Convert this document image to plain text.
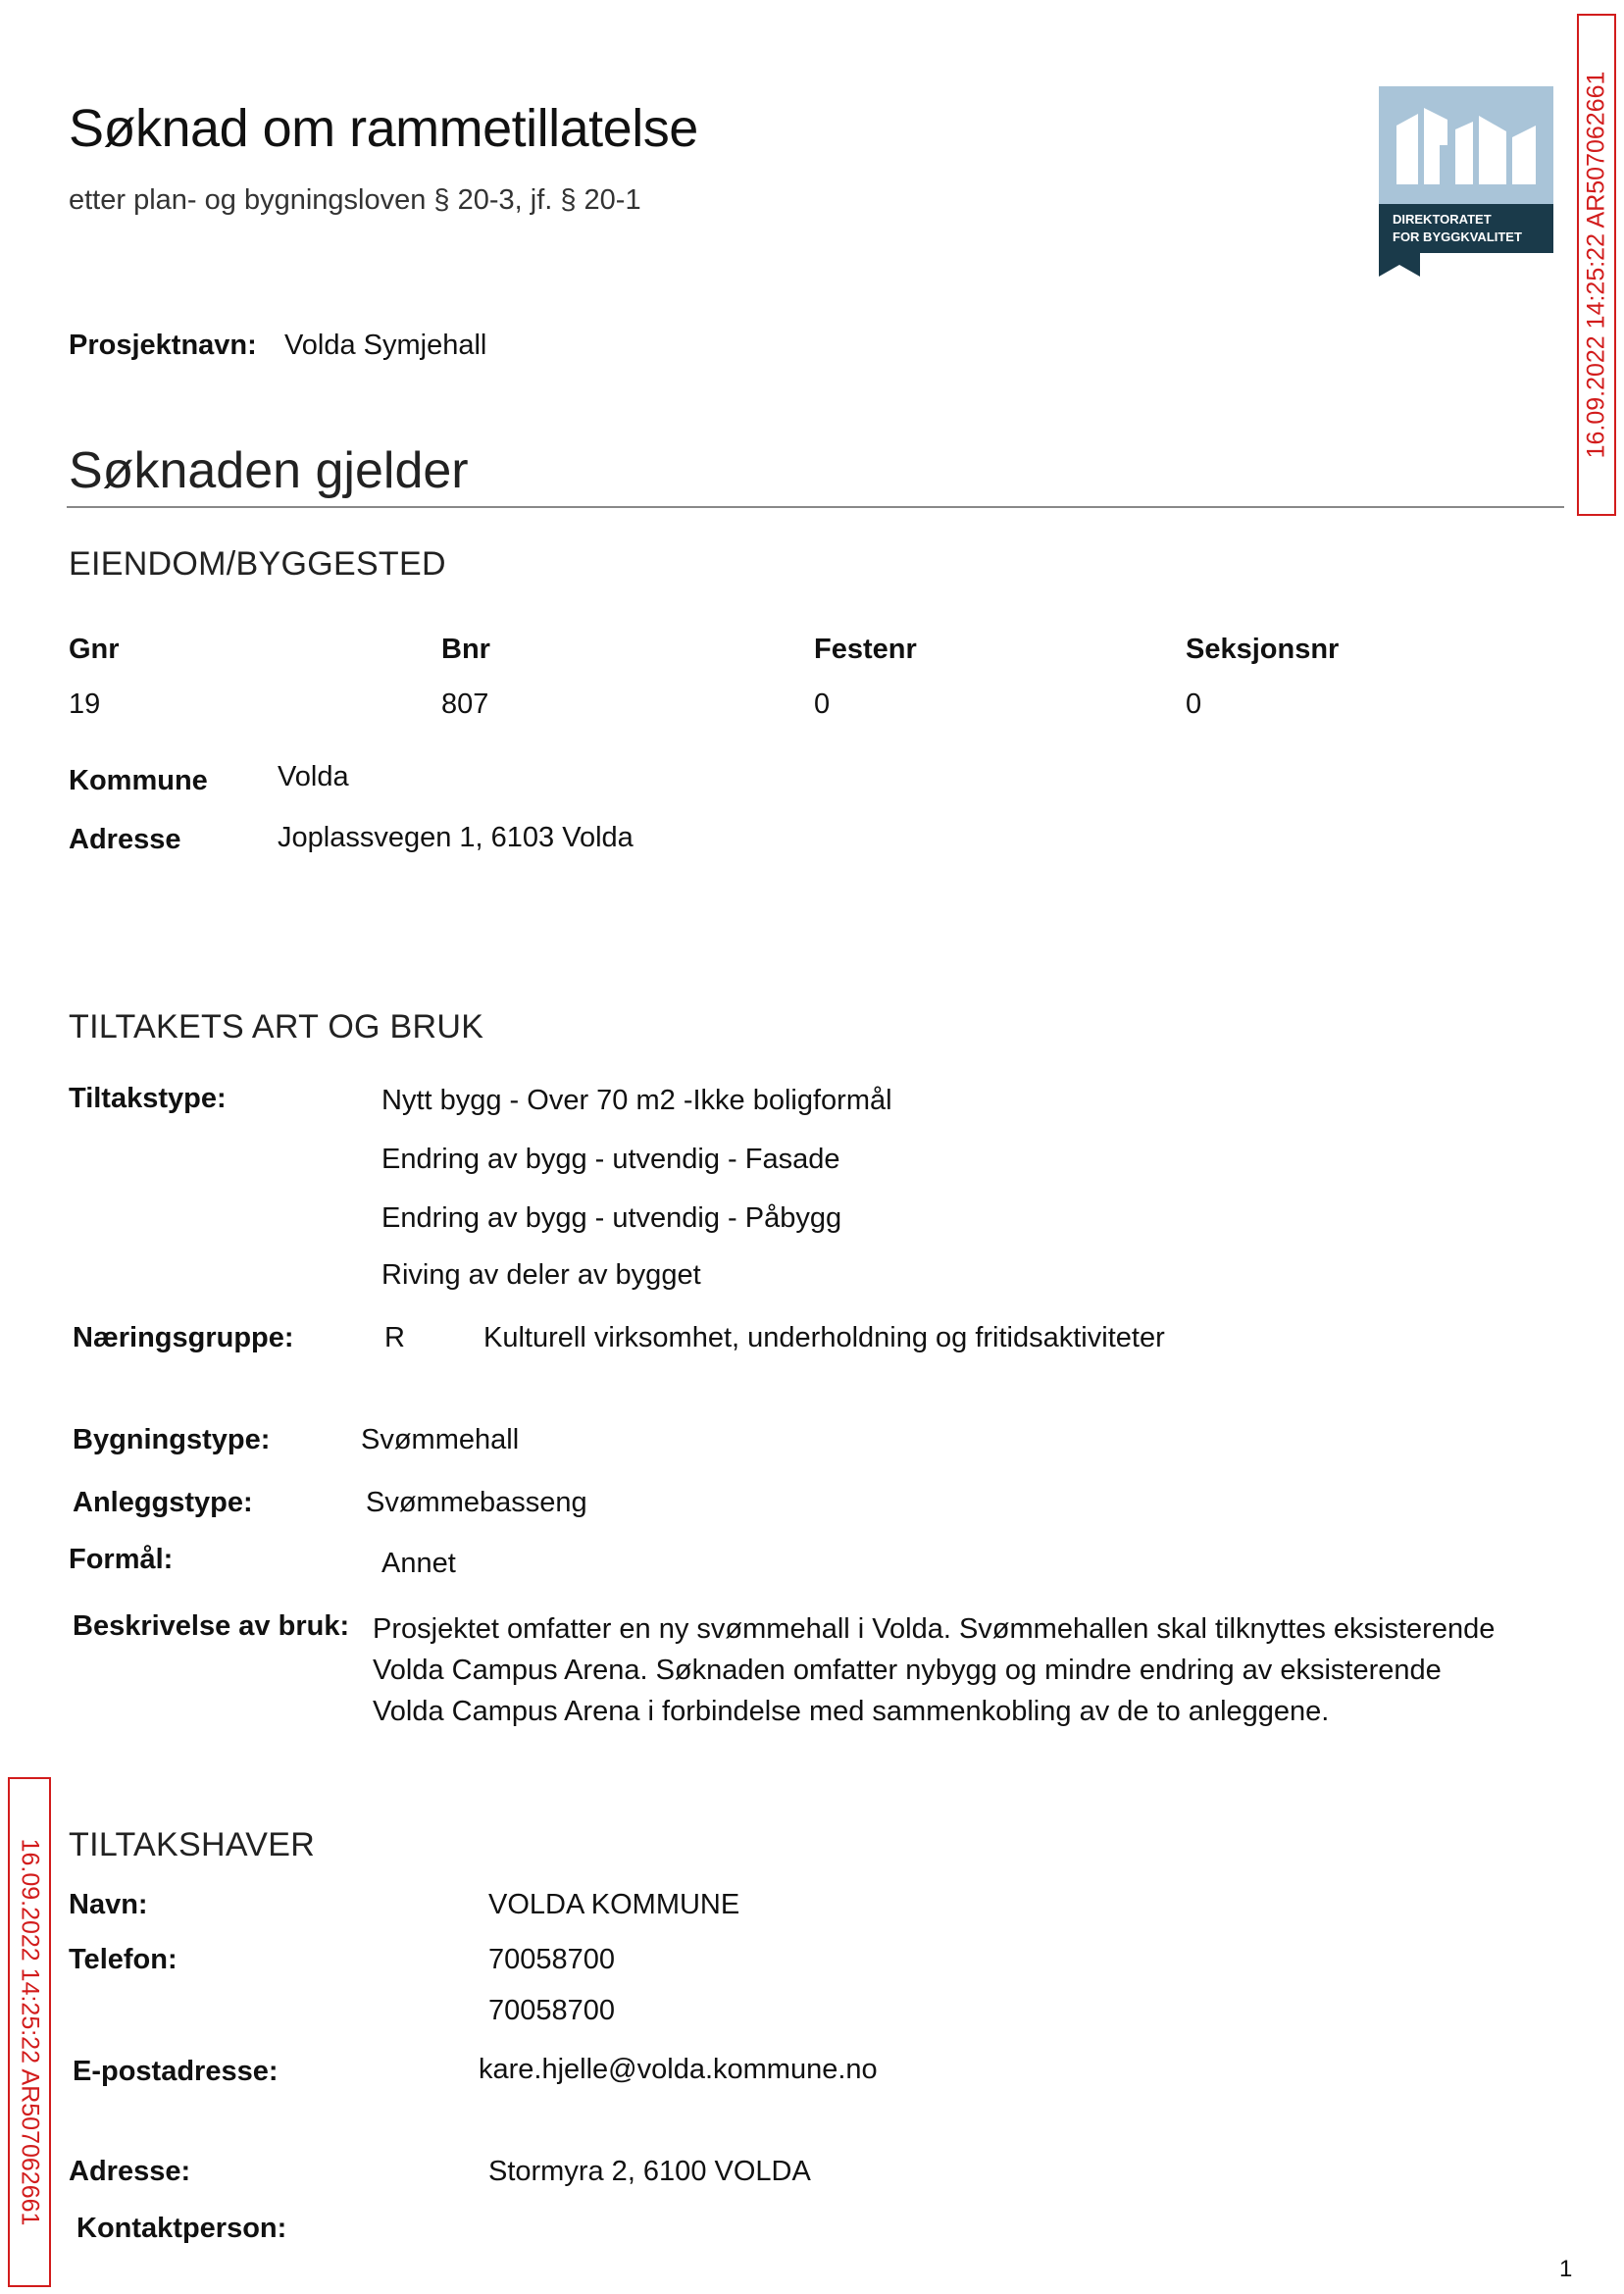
Søknad om rammetillatelse
etter plan- og bygningsloven § 20-3, jf. § 20-1
DIREKTORATET
FOR BYGGKVALITET 16.09.2022 14:25:22 AR507062661
16.09.2022 14:25:22 AR507062661
Prosjektnavn: Volda Symjehall
Søknaden gjelder
EIENDOM/BYGGESTED
Gnr	Bnr	Festenr	Seksjonsnr
19	807	0	0
Kommune Volda
Adresse	Joplassvegen 1, 6103 Volda
TILTAKETS ART OG BRUK
Tiltakstype:	Nytt bygg - Over 70 m2 -Ikke boligformål
Endring av bygg - utvendig - Fasade
Endring av bygg - utvendig - Påbygg
Riving av deler av bygget
Næringsgruppe:	R	Kulturell virksomhet, underholdning og fritidsaktiviteter
Bygningstype:	Svømmehall
Anleggstype:	Svømmebasseng
Formål:	Annet
Beskrivelse av bruk: Prosjektet omfatter en ny svømmehall i Volda. Svømmehallen skal tilknyttes eksisterende Volda Campus Arena. Søknaden omfatter nybygg og mindre endring av eksisterende Volda Campus Arena i forbindelse med sammenkobling av de to anleggene.
TILTAKSHAVER
Navn:	VOLDA KOMMUNE
Telefon:	70058700
70058700
E-postadresse:	kare.hjelle@volda.kommune.no
Adresse:	Stormyra 2, 6100 VOLDA
Kontaktperson:
1
